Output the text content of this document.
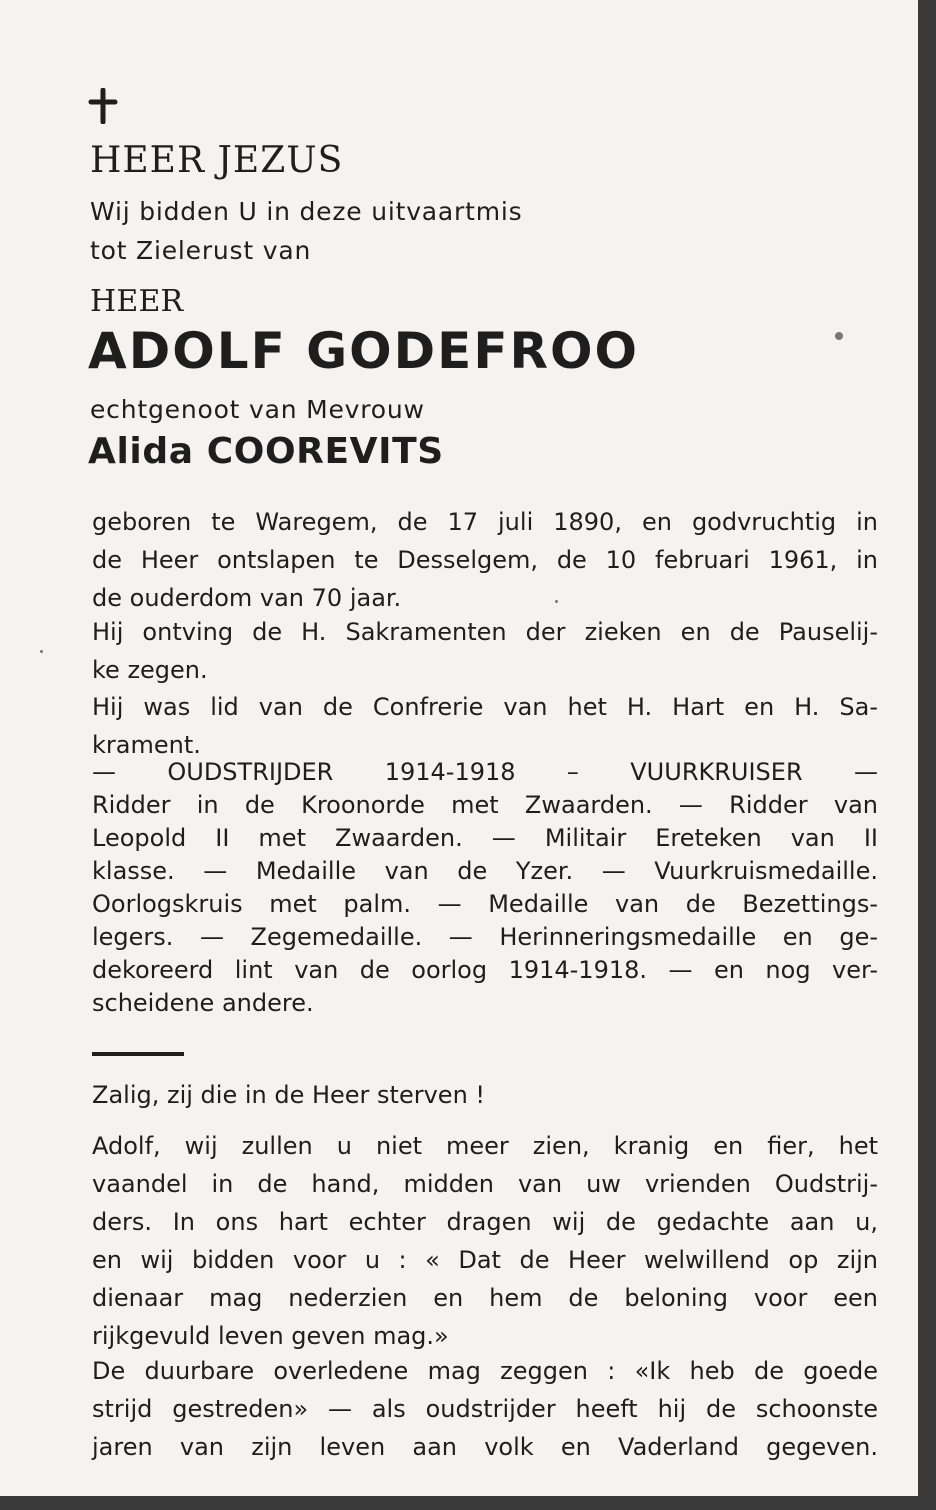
HEER JEZUS
Wij bidden U in deze uitvaartmis
tot Zielerust van
HEER
ADOLF GODEFROO
echtgenoot van Mevrouw
Alida COOREVITS
geboren te Waregem, de 17 juli 1890, en godvruchtig in
de Heer ontslapen te Desselgem, de 10 februari 1961, in
de ouderdom van 70 jaar.
Hij ontving de H. Sakramenten der zieken en de Pauselij-
ke zegen.
Hij was lid van de Confrerie van het H. Hart en H. Sa-
krament.
— OUDSTRIJDER 1914-1918 – VUURKRUISER —
Ridder in de Kroonorde met Zwaarden. — Ridder van
Leopold II met Zwaarden. — Militair Ereteken van II
klasse. — Medaille van de Yzer. — Vuurkruismedaille.
Oorlogskruis met palm. — Medaille van de Bezettings-
legers. — Zegemedaille. — Herinneringsmedaille en ge-
dekoreerd lint van de oorlog 1914-1918. — en nog ver-
scheidene andere.
Zalig, zij die in de Heer sterven !
Adolf, wij zullen u niet meer zien, kranig en fier, het
vaandel in de hand, midden van uw vrienden Oudstrij-
ders. In ons hart echter dragen wij de gedachte aan u,
en wij bidden voor u : « Dat de Heer welwillend op zijn
dienaar mag nederzien en hem de beloning voor een
rijkgevuld leven geven mag.»
De duurbare overledene mag zeggen : «Ik heb de goede
strijd gestreden» — als oudstrijder heeft hij de schoonste
jaren van zijn leven aan volk en Vaderland gegeven.
